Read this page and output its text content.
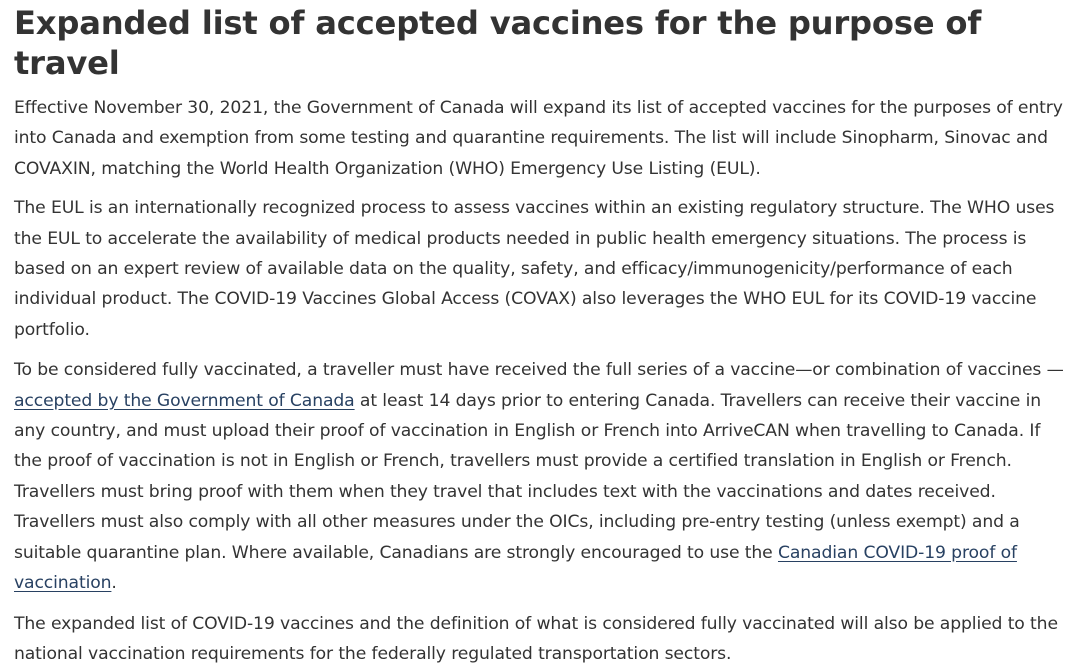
Expanded list of accepted vaccines for the purpose of travel

Effective November 30, 2021, the Government of Canada will expand its list of accepted vaccines for the purposes of entry into Canada and exemption from some testing and quarantine requirements. The list will include Sinopharm, Sinovac and COVAXIN, matching the World Health Organization (WHO) Emergency Use Listing (EUL).

The EUL is an internationally recognized process to assess vaccines within an existing regulatory structure. The WHO uses the EUL to accelerate the availability of medical products needed in public health emergency situations. The process is based on an expert review of available data on the quality, safety, and efficacy/immunogenicity/performance of each individual product. The COVID-19 Vaccines Global Access (COVAX) also leverages the WHO EUL for its COVID-19 vaccine portfolio.

To be considered fully vaccinated, a traveller must have received the full series of a vaccine—or combination of vaccines —accepted by the Government of Canada at least 14 days prior to entering Canada. Travellers can receive their vaccine in any country, and must upload their proof of vaccination in English or French into ArriveCAN when travelling to Canada. If the proof of vaccination is not in English or French, travellers must provide a certified translation in English or French. Travellers must bring proof with them when they travel that includes text with the vaccinations and dates received. Travellers must also comply with all other measures under the OICs, including pre-entry testing (unless exempt) and a suitable quarantine plan. Where available, Canadians are strongly encouraged to use the Canadian COVID-19 proof of vaccination.

The expanded list of COVID-19 vaccines and the definition of what is considered fully vaccinated will also be applied to the national vaccination requirements for the federally regulated transportation sectors.
